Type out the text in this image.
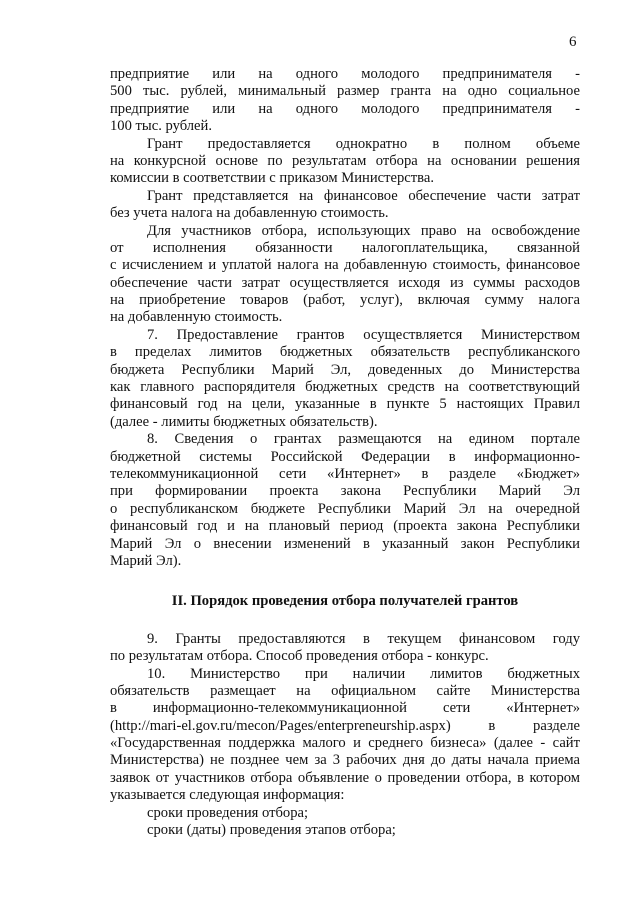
6
предприятие или на одного молодого предпринимателя -
500 тыс. рублей, минимальный размер гранта на одно социальное
предприятие или на одного молодого предпринимателя -
100 тыс. рублей.
Грант предоставляется однократно в полном объеме
на конкурсной основе по результатам отбора на основании решения
комиссии в соответствии с приказом Министерства.
Грант представляется на финансовое обеспечение части затрат
без учета налога на добавленную стоимость.
Для участников отбора, использующих право на освобождение
от исполнения обязанности налогоплательщика, связанной
с исчислением и уплатой налога на добавленную стоимость, финансовое
обеспечение части затрат осуществляется исходя из суммы расходов
на приобретение товаров (работ, услуг), включая сумму налога
на добавленную стоимость.
7. Предоставление грантов осуществляется Министерством
в пределах лимитов бюджетных обязательств республиканского
бюджета Республики Марий Эл, доведенных до Министерства
как главного распорядителя бюджетных средств на соответствующий
финансовый год на цели, указанные в пункте 5 настоящих Правил
(далее - лимиты бюджетных обязательств).
8. Сведения о грантах размещаются на едином портале
бюджетной системы Российской Федерации в информационно-
телекоммуникационной сети «Интернет» в разделе «Бюджет»
при формировании проекта закона Республики Марий Эл
о республиканском бюджете Республики Марий Эл на очередной
финансовый год и на плановый период (проекта закона Республики
Марий Эл о внесении изменений в указанный закон Республики
Марий Эл).
II. Порядок проведения отбора получателей грантов
9. Гранты предоставляются в текущем финансовом году
по результатам отбора. Способ проведения отбора - конкурс.
10. Министерство при наличии лимитов бюджетных
обязательств размещает на официальном сайте Министерства
в информационно-телекоммуникационной сети «Интернет»
(http://mari-el.gov.ru/mecon/Pages/enterpreneurship.aspx) в разделе
«Государственная поддержка малого и среднего бизнеса» (далее - сайт
Министерства) не позднее чем за 3 рабочих дня до даты начала приема
заявок от участников отбора объявление о проведении отбора, в котором
указывается следующая информация:
сроки проведения отбора;
сроки (даты) проведения этапов отбора;
